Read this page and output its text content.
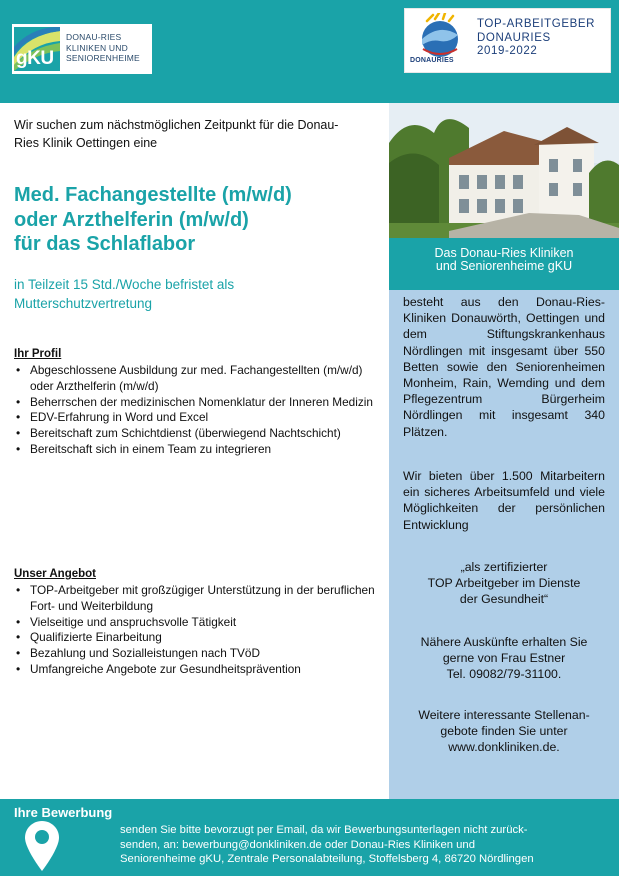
gKU
DONAU-RIES
KLINIKEN UND
SENIORENHEIME	DONAURIES
TOP-ARBEITGEBER
DONAURIES
2019-2022
Das Donau-Ries Kliniken
und Seniorenheime gKU

besteht aus den Donau-Ries-Kliniken Donauwörth, Oettingen und dem Stiftungskrankenhaus Nördlingen mit insgesamt über 550 Betten sowie den Seniorenheimen Monheim, Rain, Wemding und dem Pflegezentrum Bürgerheim Nördlingen mit insgesamt 340 Plätzen.

Wir bieten über 1.500 Mitarbeitern ein sicheres Arbeitsumfeld und viele Möglichkeiten der persönlichen Entwicklung

„als zertifizierter
TOP Arbeitgeber im Dienste
der Gesundheit“
Nähere Auskünfte erhalten Sie
gerne von Frau Estner
Tel. 09082/79-31100.
Weitere interessante Stellenan-
gebote finden Sie unter
www.donkliniken.de.

Wir suchen zum nächstmöglichen Zeitpunkt für die Donau-Ries Klinik Oettingen eine

Med. Fachangestellte (m/w/d)
oder Arzthelferin (m/w/d)
für das Schlaflabor
in Teilzeit 15 Std./Woche befristet als
Mutterschutzvertretung
Ihr Profil
• Abgeschlossene Ausbildung zur med. Fachangestellten (m/w/d) oder Arzthelferin (m/w/d)
• Beherrschen der medizinischen Nomenklatur der Inneren Medizin
• EDV-Erfahrung in Word und Excel
• Bereitschaft zum Schichtdienst (überwiegend Nachtschicht)
• Bereitschaft sich in einem Team zu integrieren
Unser Angebot
• TOP-Arbeitgeber mit großzügiger Unterstützung in der beruflichen Fort- und Weiterbildung
• Vielseitige und anspruchsvolle Tätigkeit
• Qualifizierte Einarbeitung
• Bezahlung und Sozialleistungen nach TVöD
• Umfangreiche Angebote zur Gesundheitsprävention
Ihre Bewerbung
senden Sie bitte bevorzugt per Email, da wir Bewerbungsunterlagen nicht zurück-
senden, an: bewerbung@donkliniken.de oder Donau-Ries Kliniken und
Seniorenheime gKU, Zentrale Personalabteilung, Stoffelsberg 4, 86720 Nördlingen
